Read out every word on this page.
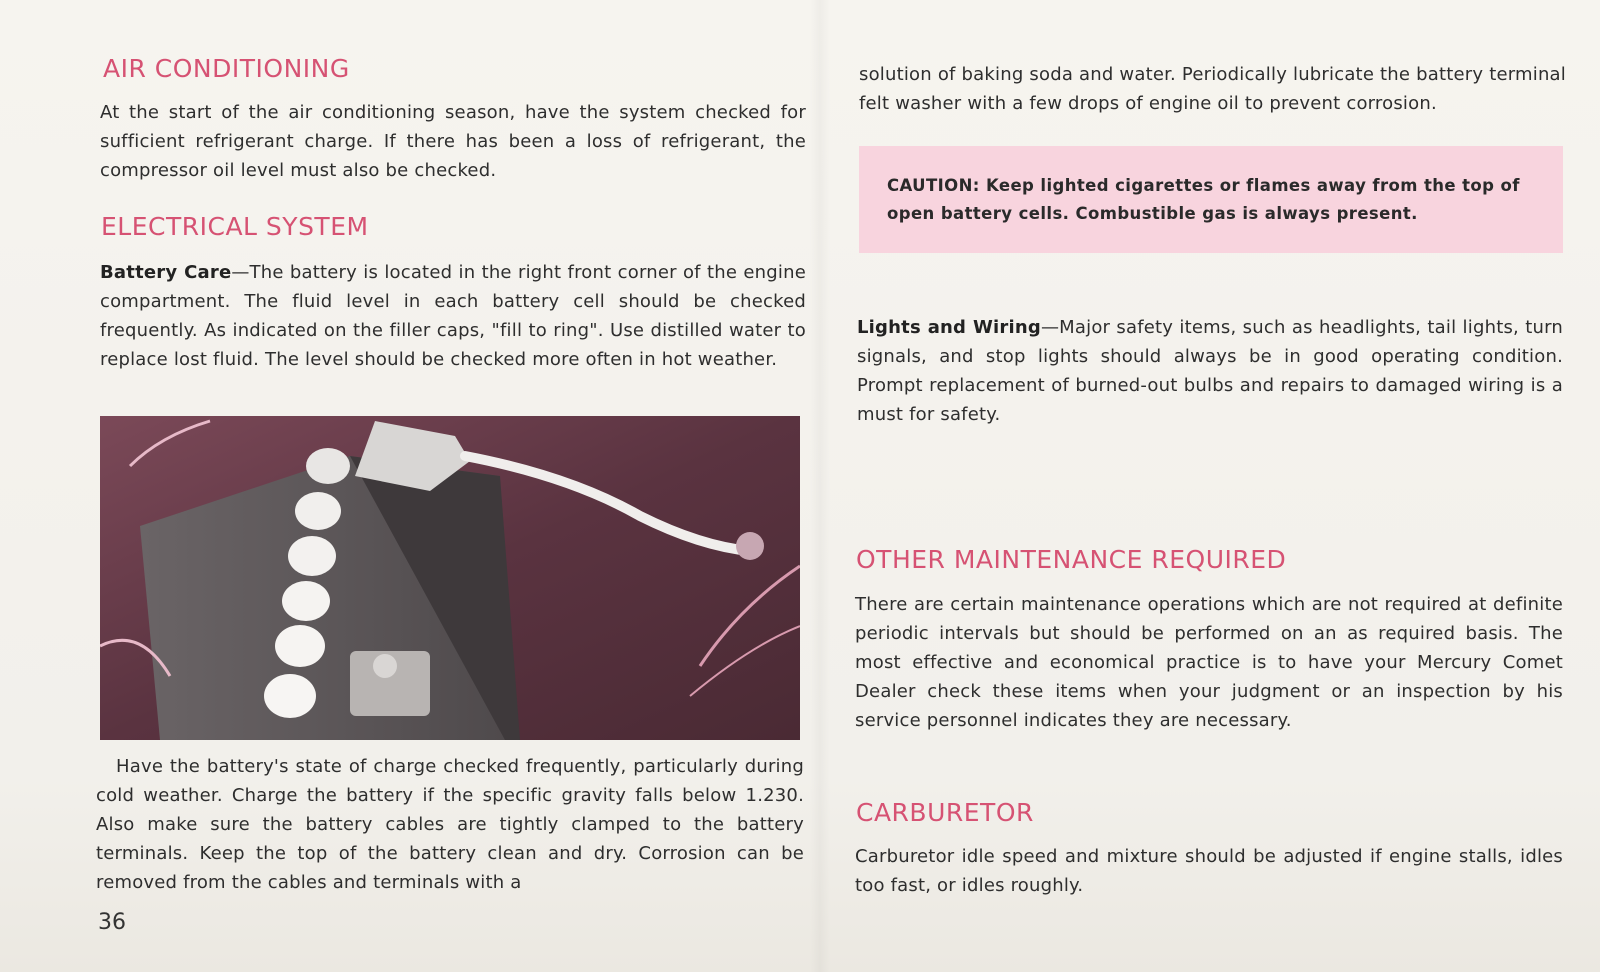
AIR CONDITIONING

At the start of the air conditioning season, have the system checked for sufficient refrigerant charge. If there has been a loss of refrigerant, the compressor oil level must also be checked.

ELECTRICAL SYSTEM

Battery Care—The battery is located in the right front corner of the engine compartment. The fluid level in each battery cell should be checked frequently. As indicated on the filler caps, "fill to ring". Use distilled water to replace lost fluid. The level should be checked more often in hot weather.

Have the battery's state of charge checked frequently, particularly during cold weather. Charge the battery if the specific gravity falls below 1.230. Also make sure the battery cables are tightly clamped to the battery terminals. Keep the top of the battery clean and dry. Corrosion can be removed from the cables and terminals with a

36

solution of baking soda and water. Periodically lubricate the battery terminal felt washer with a few drops of engine oil to prevent corrosion.

CAUTION: Keep lighted cigarettes or flames away from the top of open battery cells. Combustible gas is always present.

Lights and Wiring—Major safety items, such as headlights, tail lights, turn signals, and stop lights should always be in good operating condition. Prompt replacement of burned-out bulbs and repairs to damaged wiring is a must for safety.

OTHER MAINTENANCE REQUIRED

There are certain maintenance operations which are not required at definite periodic intervals but should be performed on an as required basis. The most effective and economical practice is to have your Mercury Comet Dealer check these items when your judgment or an inspection by his service personnel indicates they are necessary.

CARBURETOR

Carburetor idle speed and mixture should be adjusted if engine stalls, idles too fast, or idles roughly.
